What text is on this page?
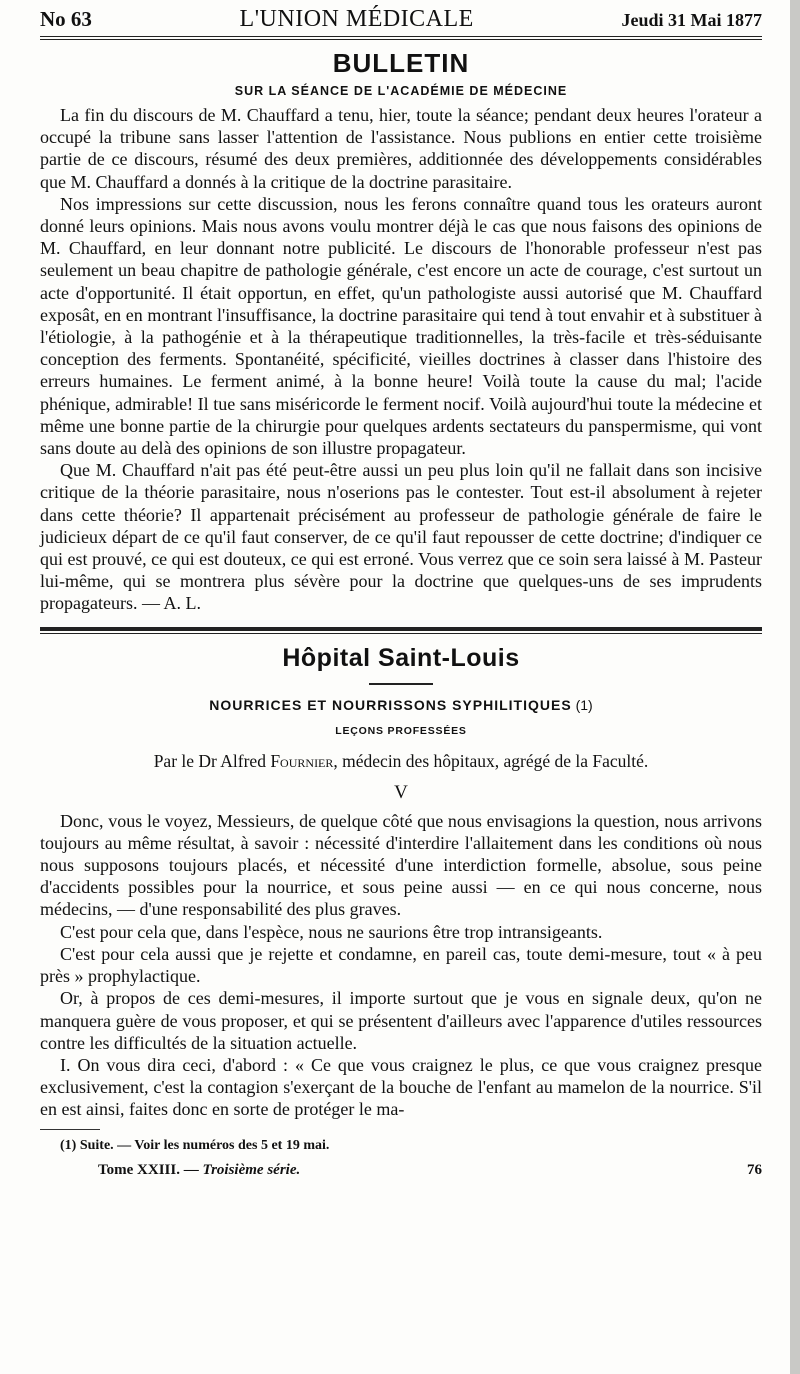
No 63	L'UNION MÉDICALE	Jeudi 31 Mai 1877
BULLETIN
SUR LA SÉANCE DE L'ACADÉMIE DE MÉDECINE

La fin du discours de M. Chauffard a tenu, hier, toute la séance; pendant deux heures l'orateur a occupé la tribune sans lasser l'attention de l'assistance. Nous publions en entier cette troisième partie de ce discours, résumé des deux premières, additionnée des développements considérables que M. Chauffard a donnés à la critique de la doctrine parasitaire.

Nos impressions sur cette discussion, nous les ferons connaître quand tous les orateurs auront donné leurs opinions. Mais nous avons voulu montrer déjà le cas que nous faisons des opinions de M. Chauffard, en leur donnant notre publicité. Le discours de l'honorable professeur n'est pas seulement un beau chapitre de pathologie générale, c'est encore un acte de courage, c'est surtout un acte d'opportunité. Il était opportun, en effet, qu'un pathologiste aussi autorisé que M. Chauffard exposât, en en montrant l'insuffisance, la doctrine parasitaire qui tend à tout envahir et à substituer à l'étiologie, à la pathogénie et à la thérapeutique traditionnelles, la très-facile et très-séduisante conception des ferments. Spontanéité, spécificité, vieilles doctrines à classer dans l'histoire des erreurs humaines. Le ferment animé, à la bonne heure! Voilà toute la cause du mal; l'acide phénique, admirable! Il tue sans miséricorde le ferment nocif. Voilà aujourd'hui toute la médecine et même une bonne partie de la chirurgie pour quelques ardents sectateurs du panspermisme, qui vont sans doute au delà des opinions de son illustre propagateur.

Que M. Chauffard n'ait pas été peut-être aussi un peu plus loin qu'il ne fallait dans son incisive critique de la théorie parasitaire, nous n'oserions pas le contester. Tout est-il absolument à rejeter dans cette théorie? Il appartenait précisément au professeur de pathologie générale de faire le judicieux départ de ce qu'il faut conserver, de ce qu'il faut repousser de cette doctrine; d'indiquer ce qui est prouvé, ce qui est douteux, ce qui est erroné. Vous verrez que ce soin sera laissé à M. Pasteur lui-même, qui se montrera plus sévère pour la doctrine que quelques-uns de ses imprudents propagateurs. — A. L.

Hôpital Saint-Louis
NOURRICES ET NOURRISSONS SYPHILITIQUES (1)
LEÇONS PROFESSÉES
Par le Dr Alfred Fournier, médecin des hôpitaux, agrégé de la Faculté.
V

Donc, vous le voyez, Messieurs, de quelque côté que nous envisagions la question, nous arrivons toujours au même résultat, à savoir : nécessité d'interdire l'allaitement dans les conditions où nous nous supposons toujours placés, et nécessité d'une interdiction formelle, absolue, sous peine d'accidents possibles pour la nourrice, et sous peine aussi — en ce qui nous concerne, nous médecins, — d'une responsabilité des plus graves.

C'est pour cela que, dans l'espèce, nous ne saurions être trop intransigeants.

C'est pour cela aussi que je rejette et condamne, en pareil cas, toute demi-mesure, tout « à peu près » prophylactique.

Or, à propos de ces demi-mesures, il importe surtout que je vous en signale deux, qu'on ne manquera guère de vous proposer, et qui se présentent d'ailleurs avec l'apparence d'utiles ressources contre les difficultés de la situation actuelle.

I. On vous dira ceci, d'abord : « Ce que vous craignez le plus, ce que vous craignez presque exclusivement, c'est la contagion s'exerçant de la bouche de l'enfant au mamelon de la nourrice. S'il en est ainsi, faites donc en sorte de protéger le ma-

(1) Suite. — Voir les numéros des 5 et 19 mai.
Tome XXIII. — Troisième série.	76
